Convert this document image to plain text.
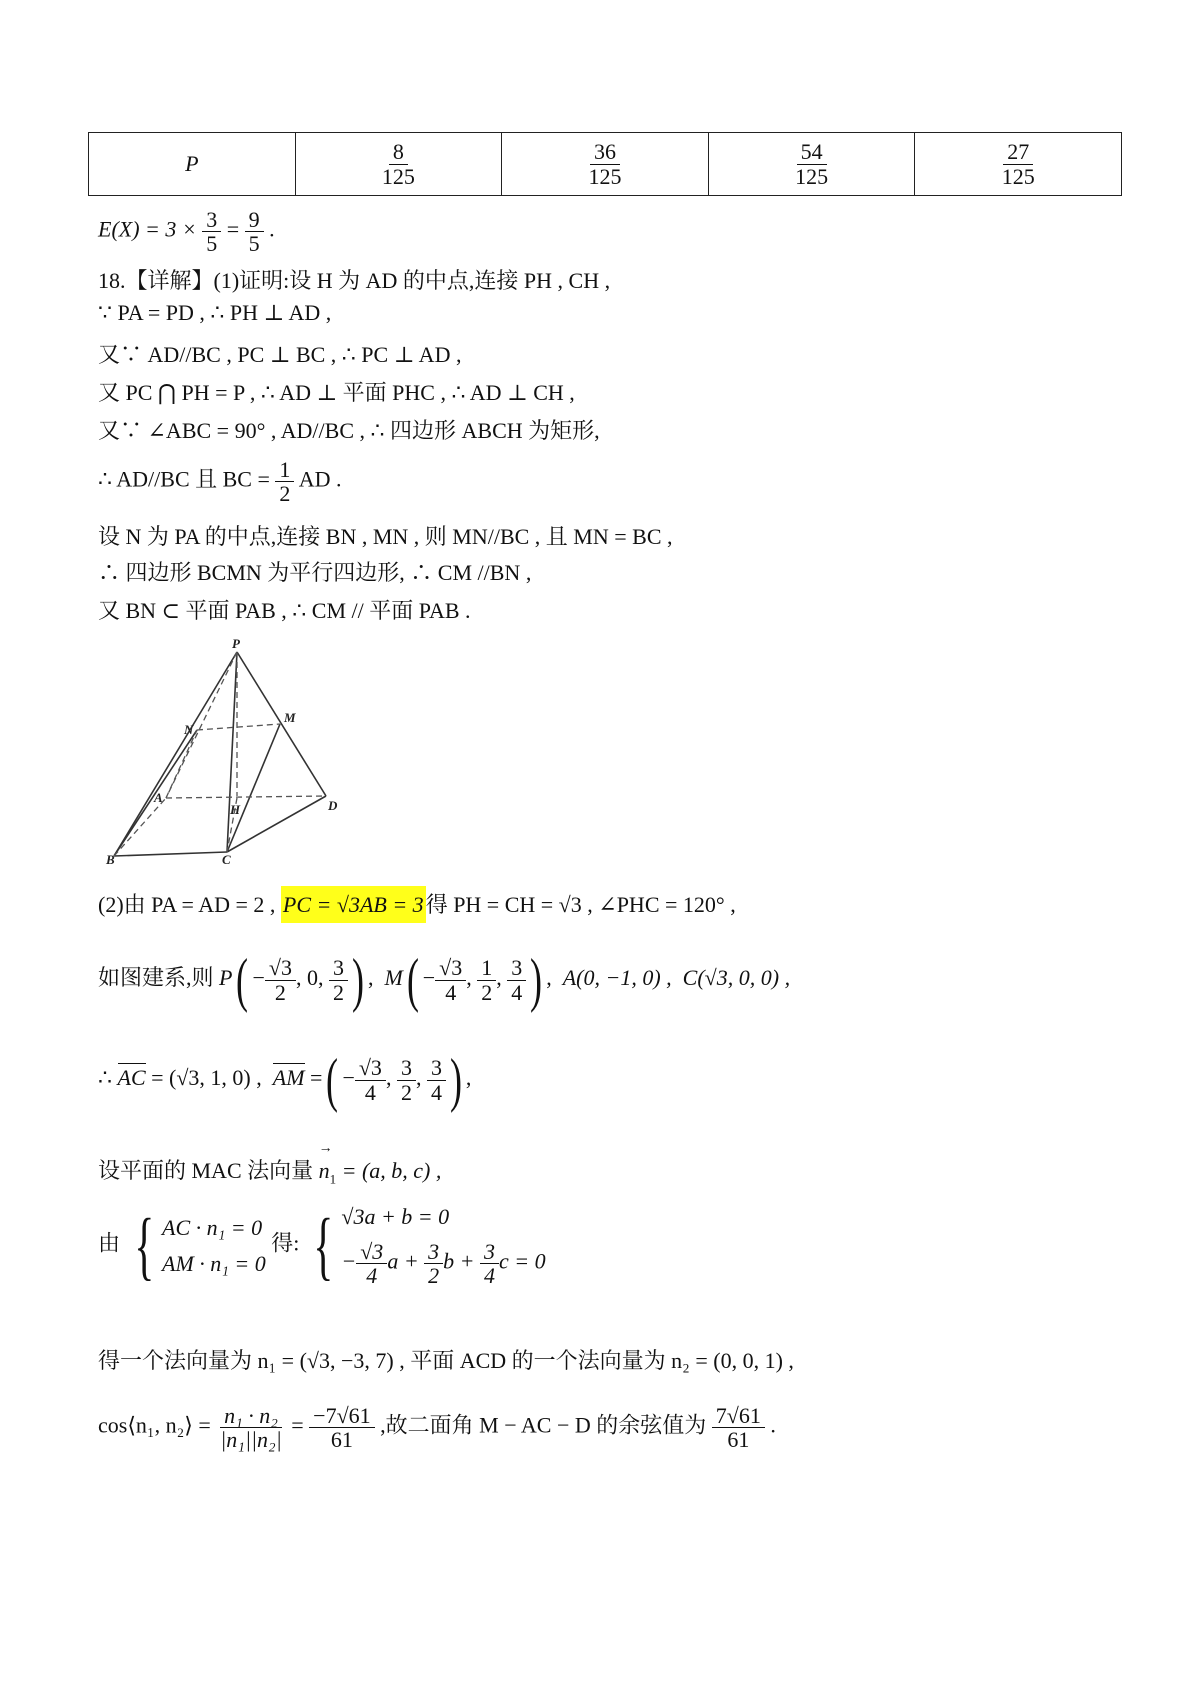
P	$\frac{8}{125}$	$\frac{36}{125}$	$\frac{54}{125}$	$\frac{27}{125}$
$E(X) = 3 \times \frac{3}{5} = \frac{9}{5}$ .
18.【详解】(1)证明:设 H 为 AD 的中点,连接 PH , CH ,
∵ PA = PD , ∴ PH ⊥ AD ,
又∵ AD//BC , PC ⊥ BC , ∴ PC ⊥ AD ,
又 PC ⋂ PH = P , ∴ AD ⊥ 平面 PHC , ∴ AD ⊥ CH ,
又∵ ∠ABC = 90° , AD//BC , ∴ 四边形 ABCH 为矩形,
∴ AD//BC 且 BC = $\frac{1}{2}$ AD .
设 N 为 PA 的中点,连接 BN , MN , 则 MN//BC , 且 MN = BC ,
∴ 四边形 BCMN 为平行四边形, ∴ CM //BN ,
又 BN ⊂ 平面 PAB , ∴ CM // 平面 PAB .
P
M
N
A
H	D
B	C
(2)由 PA = AD = 2 , PC = √3AB = 3得 PH = CH = √3 , ∠PHC = 120° ,
如图建系,则 $P( - \frac{√3}{2}$ , 0, $\frac{3}{2}$ ) ,  $M( - \frac{√3}{4}$ , $\frac{1}{2}$ , $\frac{3}{4}$ ) ,  A(0, −1, 0) , C(√3, 0, 0) ,
∴ AC = (√3, 1, 0) , AM =( − $\frac{√3}{4}$ , $\frac{3}{2}$ , $\frac{3}{4}$ ) ,
设平面的 MAC 法向量 → $n_1 = (a$, b, c) ,
由 { AC · n₁ = 0
AM · n₁ = 0
得: { √3a + b = 0
− $\frac{√3}{4}$ $a + \frac{3}{2}$ $b + \frac{3}{4}$ c = 0
得一个法向量为 n₁ = (√3, −3, 7) , 平面 ACD 的一个法向量为 n₂ = (0, 0, 1) ,
cos⟨n₁, n₂⟩ = $\frac{\text{n₁ · n₂}}{\text{|n₁||n₂|}} = \frac{-7√61}{61}$ ,故二面角 M − AC − D 的余弦值为 $\frac{7√61}{61}$ .
